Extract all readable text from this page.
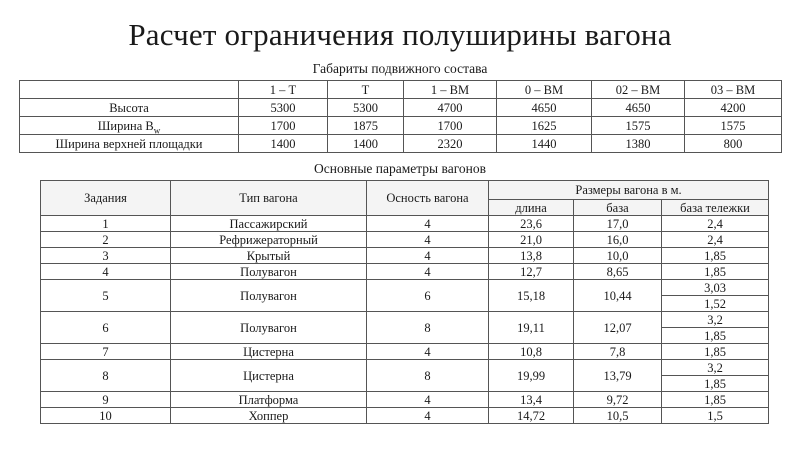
Расчет ограничения полуширины вагона
Габариты подвижного состава
	1 – Т	Т	1 – ВМ	0 – ВМ	02 – ВМ	03 – ВМ
Высота	5300	5300	4700	4650	4650	4200
Ширина $В_w$	1700	1875	1700	1625	1575	1575
Ширина верхней площадки	1400	1400	2320	1440	1380	800
Основные параметры вагонов
Задания	Тип вагона	Осность вагона	Размеры вагона в м.		
			длина	база	база тележки
1	Пассажирский	4	23,6	17,0	2,4
2	Рефрижераторный	4	21,0	16,0	2,4
3	Крытый	4	13,8	10,0	1,85
4	Полувагон	4	12,7	8,65	1,85
5	Полувагон	6	15,18	10,44	3,03
					1,52
6	Полувагон	8	19,11	12,07	3,2
					1,85
7	Цистерна	4	10,8	7,8	1,85
8	Цистерна	8	19,99	13,79	3,2
					1,85
9	Платформа	4	13,4	9,72	1,85
10	Хоппер	4	14,72	10,5	1,5
